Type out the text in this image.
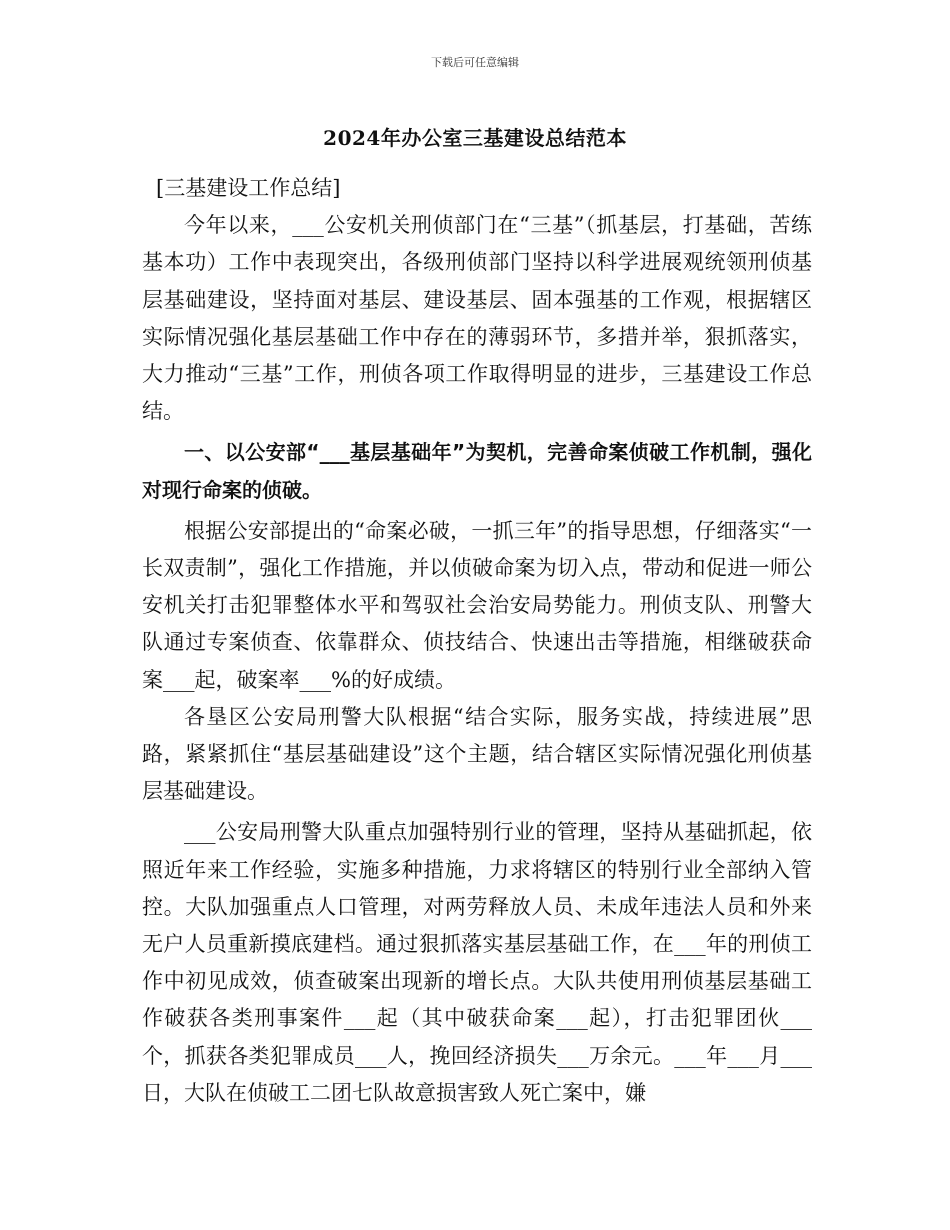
下载后可任意编辑
2024年办公室三基建设总结范本

[三基建设工作总结]

今年以来，___公安机关刑侦部门在“三基”（抓基层，打基础，苦练基本功）工作中表现突出，各级刑侦部门坚持以科学进展观统领刑侦基层基础建设，坚持面对基层、建设基层、固本强基的工作观，根据辖区实际情况强化基层基础工作中存在的薄弱环节，多措并举，狠抓落实，大力推动“三基”工作，刑侦各项工作取得明显的进步，三基建设工作总结。

一、以公安部“___基层基础年”为契机，完善命案侦破工作机制，强化对现行命案的侦破。

根据公安部提出的“命案必破，一抓三年”的指导思想，仔细落实“一长双责制”，强化工作措施，并以侦破命案为切入点，带动和促进一师公安机关打击犯罪整体水平和驾驭社会治安局势能力。刑侦支队、刑警大队通过专案侦查、依靠群众、侦技结合、快速出击等措施，相继破获命案___起，破案率___%的好成绩。

各垦区公安局刑警大队根据“结合实际，服务实战，持续进展”思路，紧紧抓住“基层基础建设”这个主题，结合辖区实际情况强化刑侦基层基础建设。

___公安局刑警大队重点加强特别行业的管理，坚持从基础抓起，依照近年来工作经验，实施多种措施，力求将辖区的特别行业全部纳入管控。大队加强重点人口管理，对两劳释放人员、未成年违法人员和外来无户人员重新摸底建档。通过狠抓落实基层基础工作，在___年的刑侦工作中初见成效，侦查破案出现新的增长点。大队共使用刑侦基层基础工作破获各类刑事案件___起（其中破获命案___起），打击犯罪团伙___个，抓获各类犯罪成员___人，挽回经济损失___万余元。___年___月___日，大队在侦破工二团七队故意损害致人死亡案中，嫌
